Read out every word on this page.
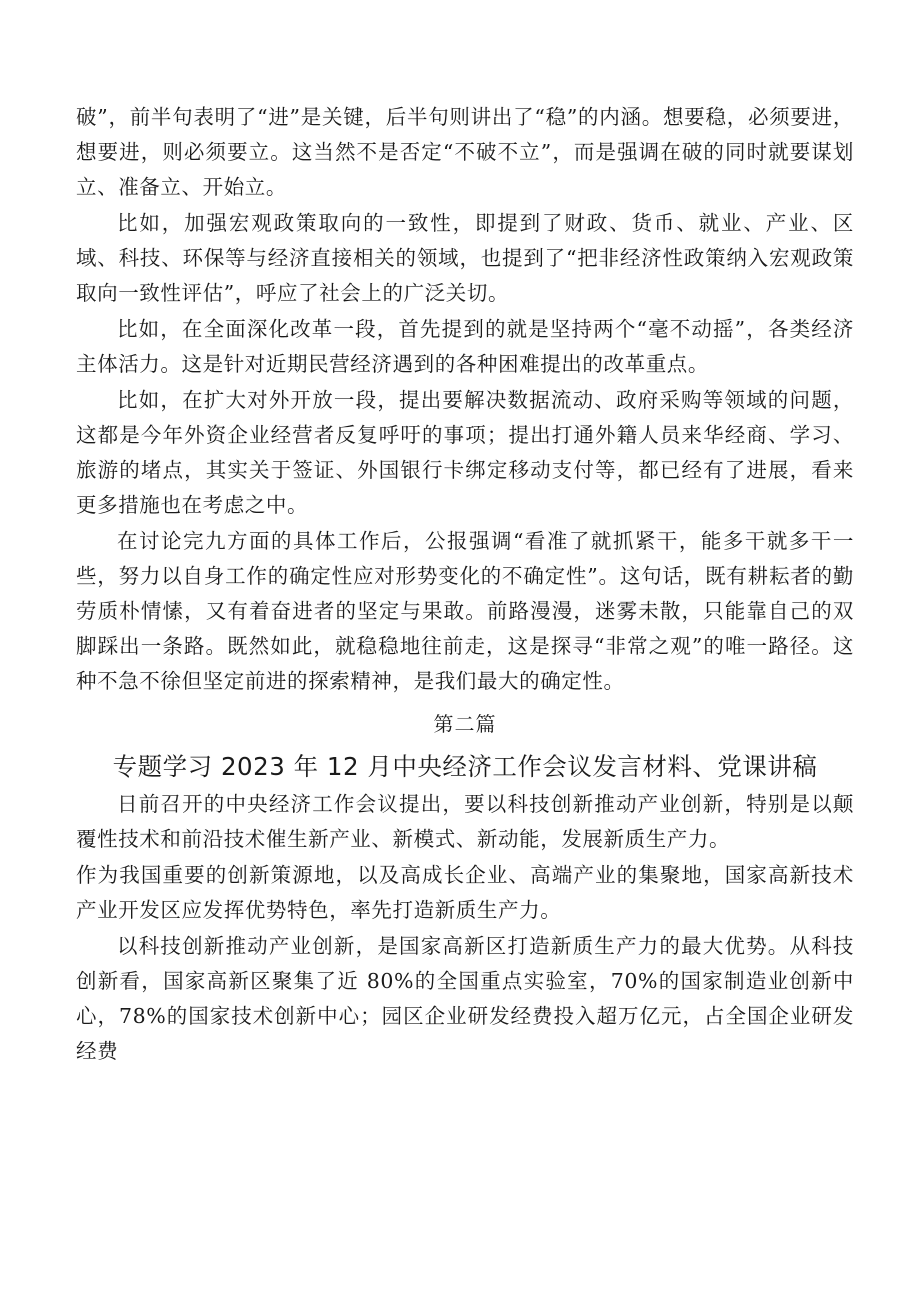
破”，前半句表明了“进”是关键，后半句则讲出了“稳”的内涵。想要稳，必须要进，想要进，则必须要立。这当然不是否定“不破不立”，而是强调在破的同时就要谋划立、准备立、开始立。

比如，加强宏观政策取向的一致性，即提到了财政、货币、就业、产业、区域、科技、环保等与经济直接相关的领域，也提到了“把非经济性政策纳入宏观政策取向一致性评估”，呼应了社会上的广泛关切。

比如，在全面深化改革一段，首先提到的就是坚持两个“毫不动摇”，各类经济主体活力。这是针对近期民营经济遇到的各种困难提出的改革重点。

比如，在扩大对外开放一段，提出要解决数据流动、政府采购等领域的问题，这都是今年外资企业经营者反复呼吁的事项；提出打通外籍人员来华经商、学习、旅游的堵点，其实关于签证、外国银行卡绑定移动支付等，都已经有了进展，看来更多措施也在考虑之中。

在讨论完九方面的具体工作后，公报强调“看准了就抓紧干，能多干就多干一些，努力以自身工作的确定性应对形势变化的不确定性”。这句话，既有耕耘者的勤劳质朴情愫，又有着奋进者的坚定与果敢。前路漫漫，迷雾未散，只能靠自己的双脚踩出一条路。既然如此，就稳稳地往前走，这是探寻“非常之观”的唯一路径。这种不急不徐但坚定前进的探索精神，是我们最大的确定性。

第二篇
专题学习 2023 年 12 月中央经济工作会议发言材料、党课讲稿

日前召开的中央经济工作会议提出，要以科技创新推动产业创新，特别是以颠覆性技术和前沿技术催生新产业、新模式、新动能，发展新质生产力。

作为我国重要的创新策源地，以及高成长企业、高端产业的集聚地，国家高新技术产业开发区应发挥优势特色，率先打造新质生产力。

以科技创新推动产业创新，是国家高新区打造新质生产力的最大优势。从科技创新看，国家高新区聚集了近 80%的全国重点实验室，70%的国家制造业创新中心，78%的国家技术创新中心；园区企业研发经费投入超万亿元，占全国企业研发经费
